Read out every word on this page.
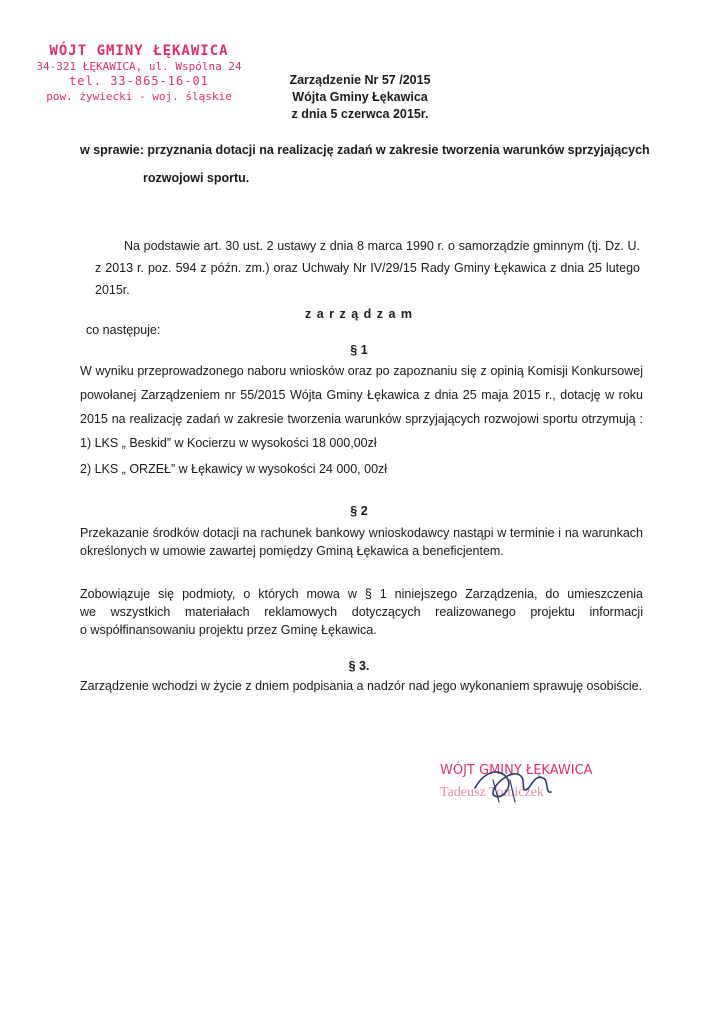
WÓJT GMINY ŁĘKAWICA
34-321 ŁĘKAWICA, ul. Wspólna 24
tel. 33-865-16-01
pow. żywiecki - woj. śląskie
Zarządzenie Nr 57 /2015
Wójta Gminy Łękawica
z dnia 5 czerwca 2015r.
w sprawie: przyznania dotacji na realizację zadań w zakresie tworzenia warunków sprzyjających
rozwojowi sportu.
Na podstawie art. 30 ust. 2 ustawy z dnia 8 marca 1990 r. o samorządzie gminnym (tj. Dz. U.
z 2013 r. poz. 594 z późn. zm.) oraz Uchwały Nr IV/29/15 Rady Gminy Łękawica z dnia 25 lutego
2015r.
z a r z ą d z a m
co następuje:
§ 1
W wyniku przeprowadzonego naboru wniosków oraz po zapoznaniu się z opinią Komisji Konkursowej
powołanej Zarządzeniem nr 55/2015 Wójta Gminy Łękawica z dnia 25 maja 2015 r., dotację w roku
2015 na realizację zadań w zakresie tworzenia warunków sprzyjających rozwojowi sportu otrzymują :
1) LKS „ Beskid” w Kocierzu w wysokości 18 000,00zł
2) LKS „ ORZEŁ” w Łękawicy w wysokości 24 000, 00zł
§ 2
Przekazanie środków dotacji na rachunek bankowy wnioskodawcy nastąpi w terminie i na warunkach
określonych w umowie zawartej pomiędzy Gminą Łękawica a beneficjentem.
Zobowiązuje się podmioty, o których mowa w § 1 niniejszego Zarządzenia, do umieszczenia
we wszystkich materiałach reklamowych dotyczących realizowanego projektu informacji
o współfinansowaniu projektu przez Gminę Łękawica.
§ 3.
Zarządzenie wchodzi w życie z dniem podpisania a nadzór nad jego wykonaniem sprawuję osobiście.
WÓJT GMINY ŁĘKAWICA
Tadeusz Tomiczek
